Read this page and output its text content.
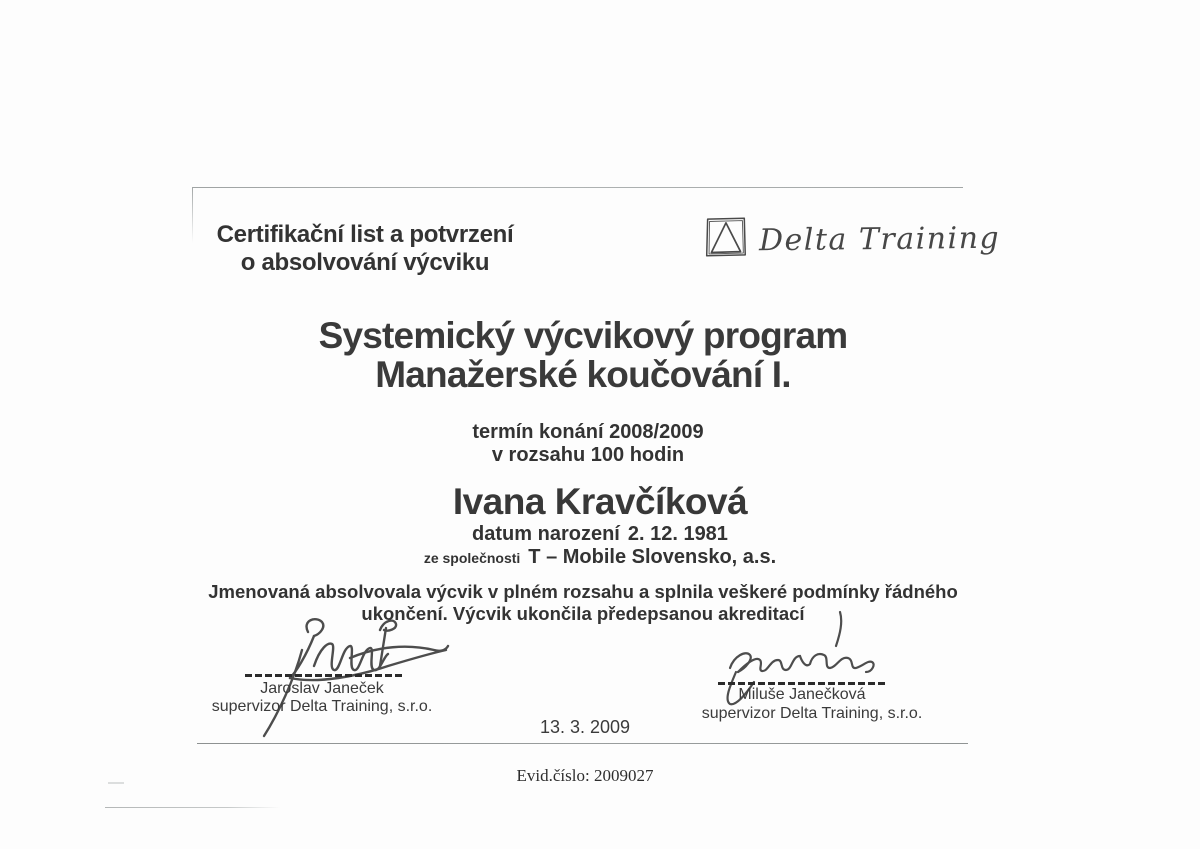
Certifikační list a potvrzení
o absolvování výcviku
Delta Training
Systemický výcvikový program
Manažerské koučování I.
termín konání 2008/2009
v rozsahu 100 hodin
Ivana Kravčíková
datum narození 2. 12. 1981
ze společnosti T – Mobile Slovensko, a.s.
Jmenovaná absolvovala výcvik v plném rozsahu a splnila veškeré podmínky řádného
ukončení. Výcvik ukončila předepsanou akreditací
Jaroslav Janeček
supervizor Delta Training, s.r.o.
Miluše Janečková
supervizor Delta Training, s.r.o.
13. 3. 2009
Evid.číslo: 2009027
